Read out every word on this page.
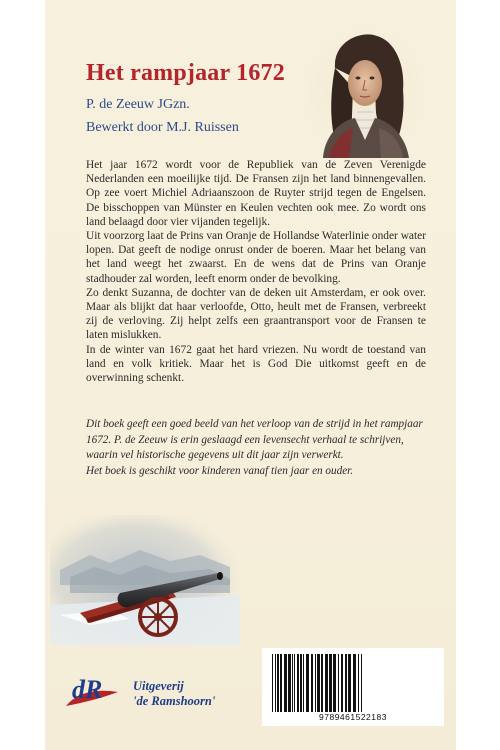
Het rampjaar 1672
P. de Zeeuw JGzn.
Bewerkt door M.J. Ruissen

Het jaar 1672 wordt voor de Republiek van de Zeven Verenigde Nederlanden een moeilijke tijd. De Fransen zijn het land binnengevallen. Op zee voert Michiel Adriaanszoon de Ruyter strijd tegen de Engelsen. De bisschoppen van Münster en Keulen vechten ook mee. Zo wordt ons land belaagd door vier vijanden tegelijk.

Uit voorzorg laat de Prins van Oranje de Hollandse Waterlinie onder water lopen. Dat geeft de nodige onrust onder de boeren. Maar het belang van het land weegt het zwaarst. En de wens dat de Prins van Oranje stadhouder zal worden, leeft enorm onder de bevolking.

Zo denkt Suzanna, de dochter van de deken uit Amsterdam, er ook over. Maar als blijkt dat haar verloofde, Otto, heult met de Fransen, verbreekt zij de verloving. Zij helpt zelfs een graantransport voor de Fransen te laten mislukken.

In de winter van 1672 gaat het hard vriezen. Nu wordt de toestand van land en volk kritiek. Maar het is God Die uitkomst geeft en de overwinning schenkt.

Dit boek geeft een goed beeld van het verloop van de strijd in het rampjaar 1672. P. de Zeeuw is erin geslaagd een levensecht verhaal te schrijven, waarin vel historische gegevens uit dit jaar zijn verwerkt.

Het boek is geschikt voor kinderen vanaf tien jaar en ouder.

9789461522183
dR Uitgeverij
'de Ramshoorn'
